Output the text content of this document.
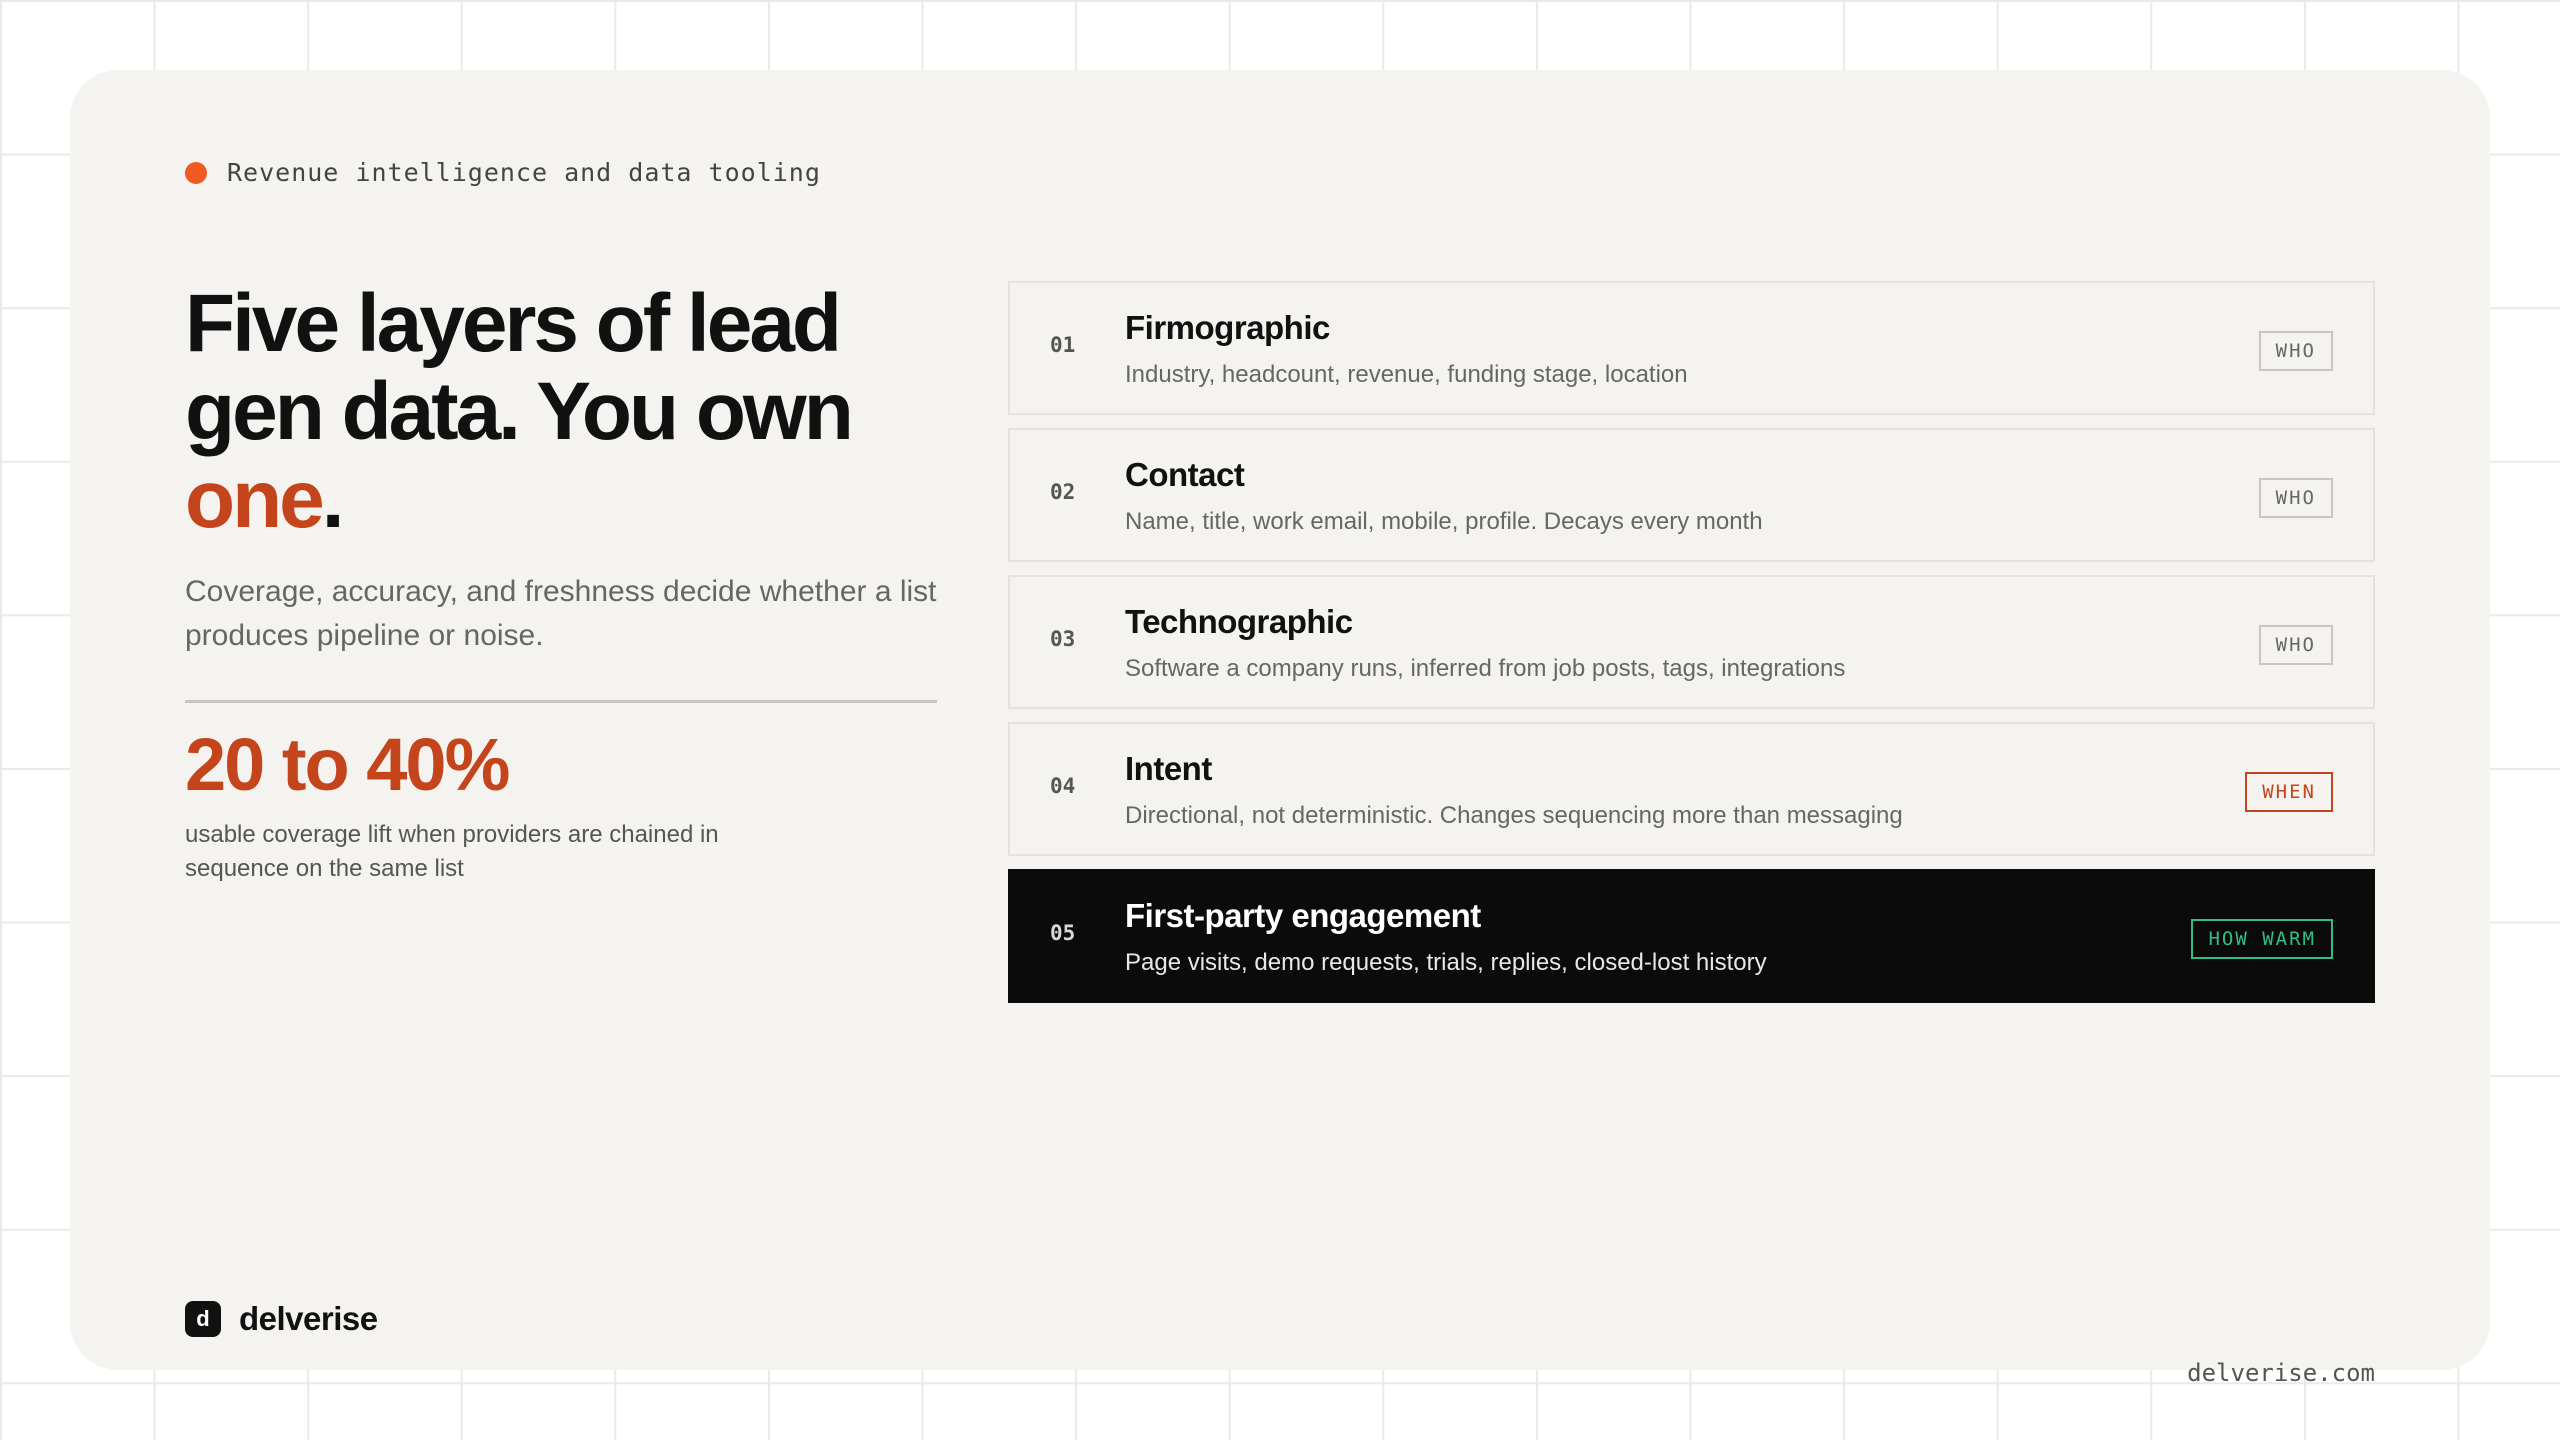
Revenue intelligence and data tooling
Five layers of lead gen data. You own one.

Coverage, accuracy, and freshness decide whether a list produces pipeline or noise.

20 to 40%

usable coverage lift when providers are chained in sequence on the same list

01 Firmographic
Industry, headcount, revenue, funding stage, location
WHO
02 Contact
Name, title, work email, mobile, profile. Decays every month
WHO
03 Technographic
Software a company runs, inferred from job posts, tags, integrations
WHO
04 Intent
Directional, not deterministic. Changes sequencing more than messaging
WHEN
05 First-party engagement
Page visits, demo requests, trials, replies, closed-lost history
HOW WARM
d delverise
delverise.com
